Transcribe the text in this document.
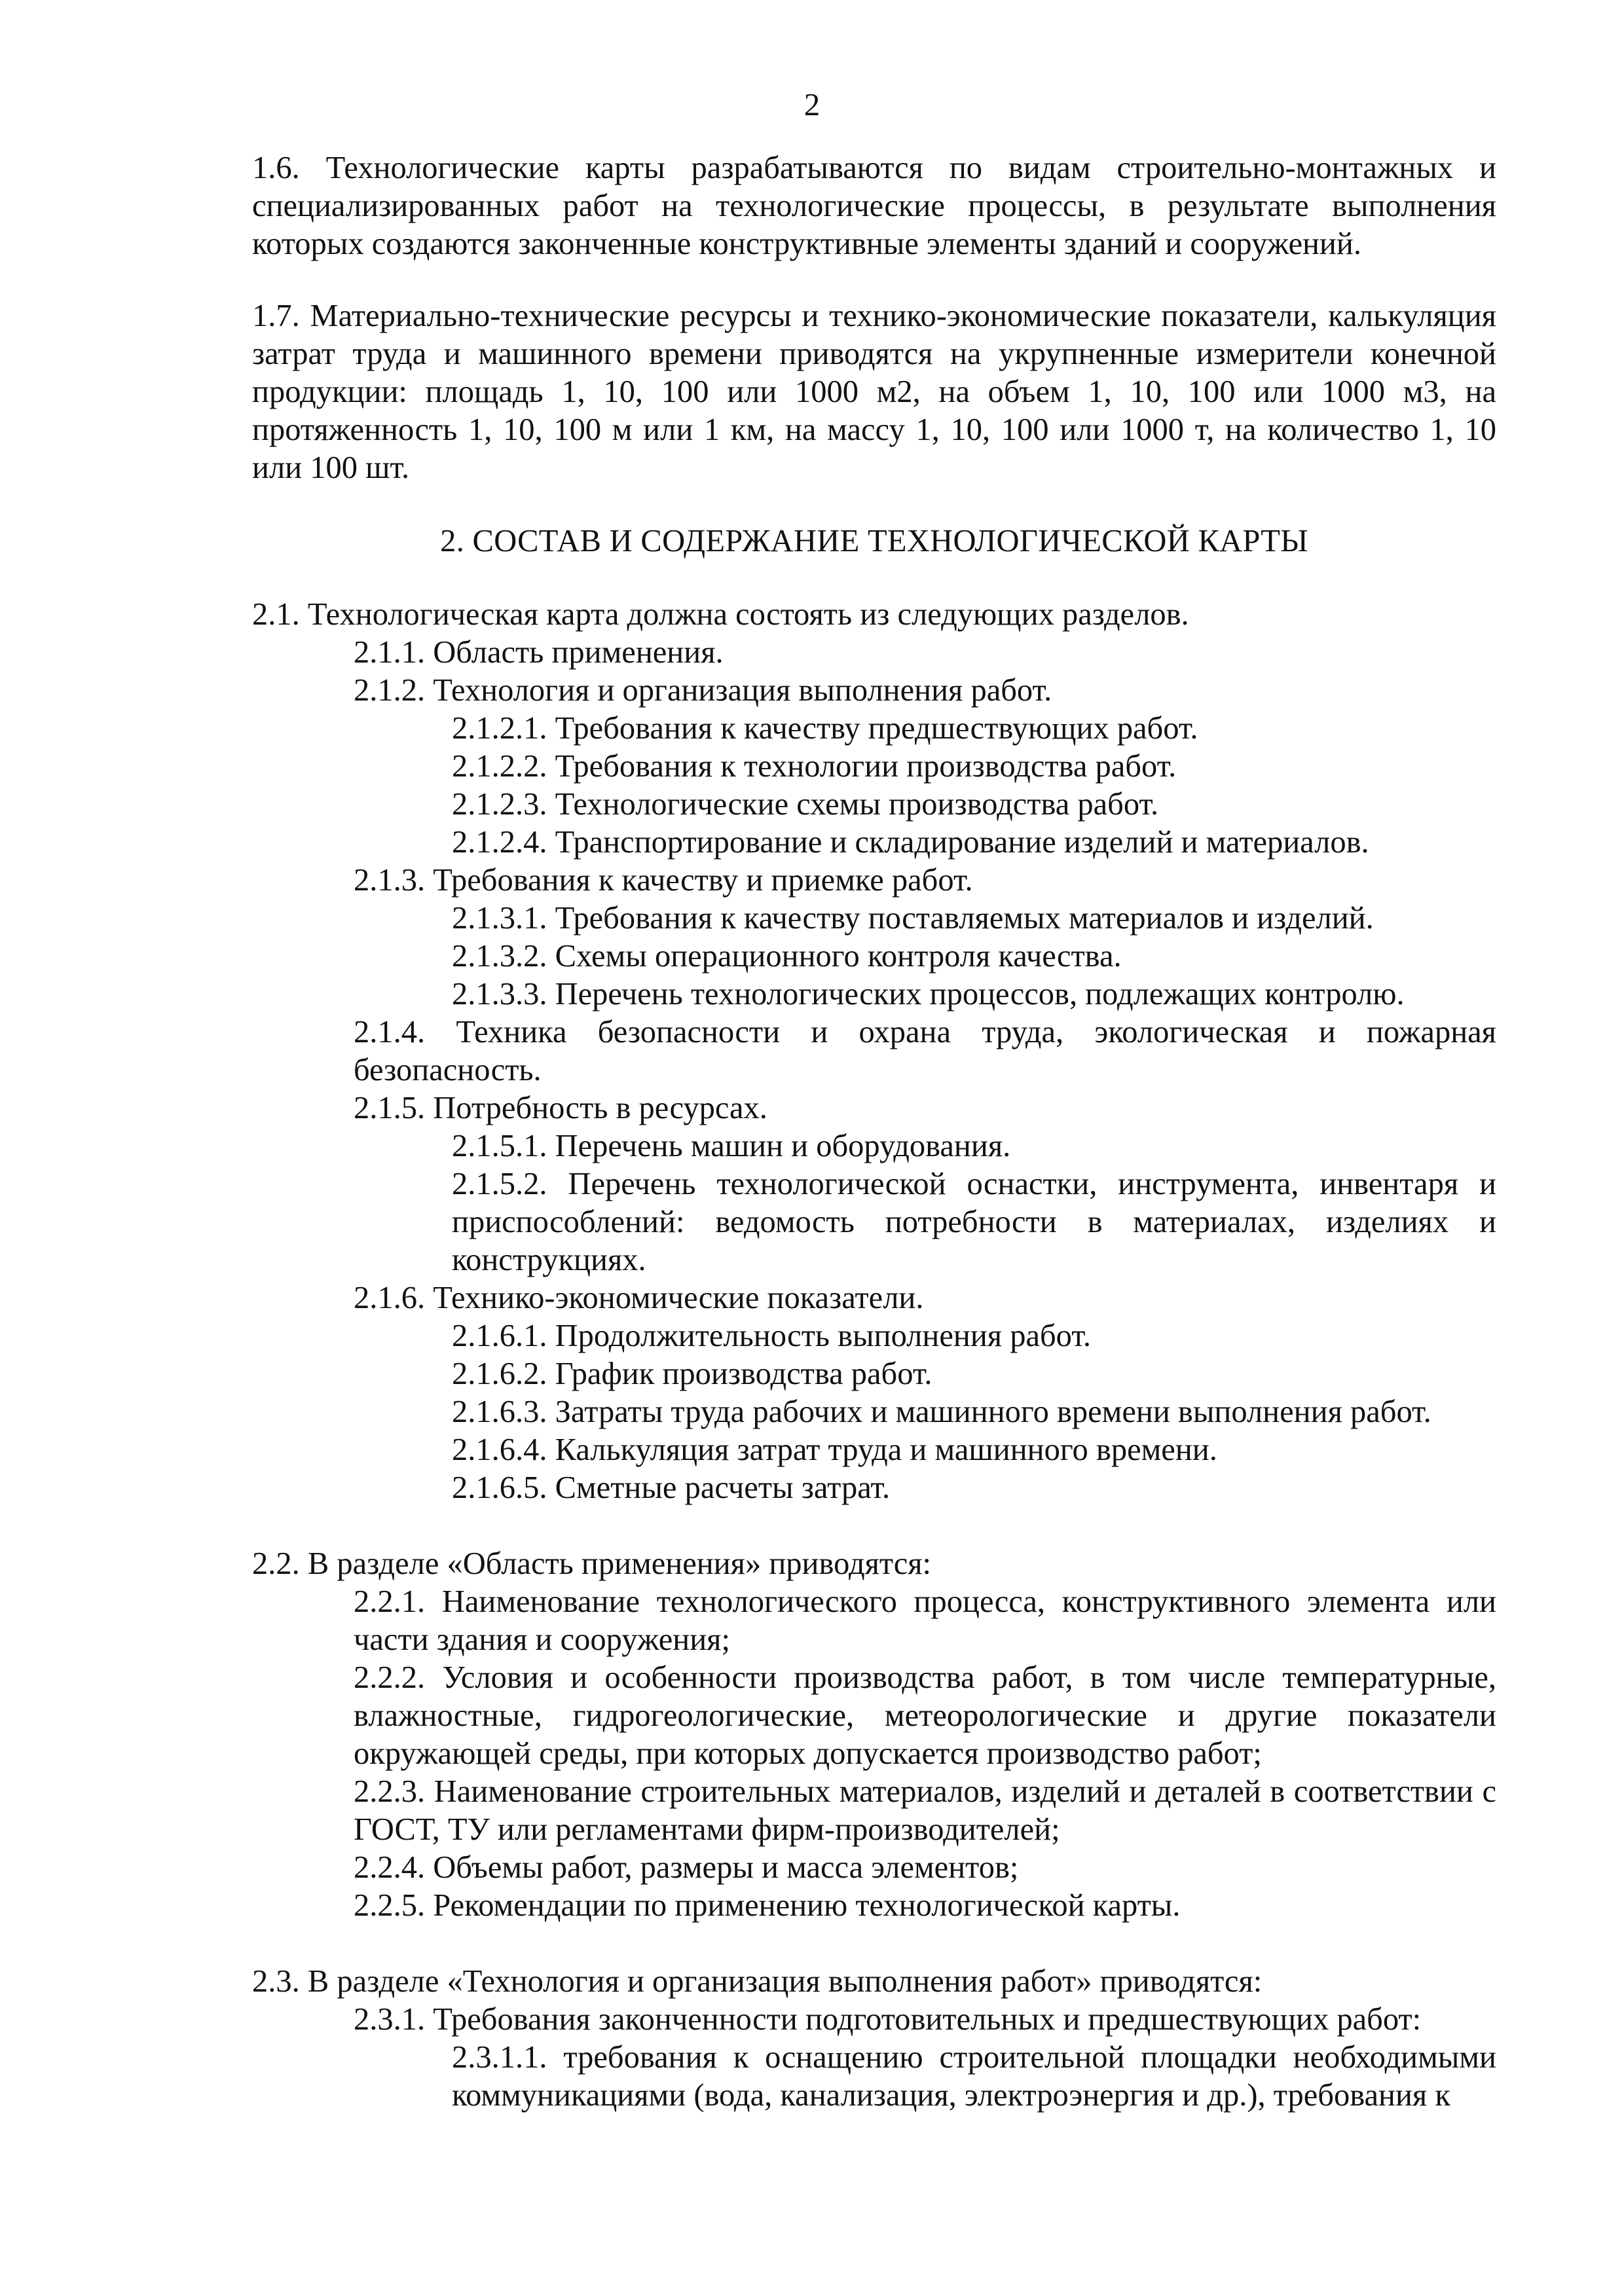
2

1.6. Технологические карты разрабатываются по видам строительно-монтажных и специализированных работ на технологические процессы, в результате выполнения которых создаются законченные конструктивные элементы зданий и сооружений.

1.7. Материально-технические ресурсы и технико-экономические показатели, калькуляция затрат труда и машинного времени приводятся на укрупненные измерители конечной продукции: площадь 1, 10, 100 или 1000 м2, на объем 1, 10, 100 или 1000 м3, на протяженность 1, 10, 100 м или 1 км, на массу 1, 10, 100 или 1000 т, на количество 1, 10 или 100 шт.

2. СОСТАВ И СОДЕРЖАНИЕ ТЕХНОЛОГИЧЕСКОЙ КАРТЫ

2.1. Технологическая карта должна состоять из следующих разделов.

2.1.1. Область применения.

2.1.2. Технология и организация выполнения работ.

2.1.2.1. Требования к качеству предшествующих работ.

2.1.2.2. Требования к технологии производства работ.

2.1.2.3. Технологические схемы производства работ.

2.1.2.4. Транспортирование и складирование изделий и материалов.

2.1.3. Требования к качеству и приемке работ.

2.1.3.1. Требования к качеству поставляемых материалов и изделий.

2.1.3.2. Схемы операционного контроля качества.

2.1.3.3. Перечень технологических процессов, подлежащих контролю.

2.1.4. Техника безопасности и охрана труда, экологическая и пожарная безопасность.

2.1.5. Потребность в ресурсах.

2.1.5.1. Перечень машин и оборудования.

2.1.5.2. Перечень технологической оснастки, инструмента, инвентаря и приспособлений: ведомость потребности в материалах, изделиях и конструкциях.

2.1.6. Технико-экономические показатели.

2.1.6.1. Продолжительность выполнения работ.

2.1.6.2. График производства работ.

2.1.6.3. Затраты труда рабочих и машинного времени выполнения работ.

2.1.6.4. Калькуляция затрат труда и машинного времени.

2.1.6.5. Сметные расчеты затрат.

2.2. В разделе «Область применения» приводятся:

2.2.1. Наименование технологического процесса, конструктивного элемента или части здания и сооружения;

2.2.2. Условия и особенности производства работ, в том числе температурные, влажностные, гидрогеологические, метеорологические и другие показатели окружающей среды, при которых допускается производство работ;

2.2.3. Наименование строительных материалов, изделий и деталей в соответствии с ГОСТ, ТУ или регламентами фирм-производителей;

2.2.4. Объемы работ, размеры и масса элементов;

2.2.5. Рекомендации по применению технологической карты.

2.3. В разделе «Технология и организация выполнения работ» приводятся:

2.3.1. Требования законченности подготовительных и предшествующих работ:

2.3.1.1. требования к оснащению строительной площадки необходимыми коммуникациями (вода, канализация, электроэнергия и др.), требования к
